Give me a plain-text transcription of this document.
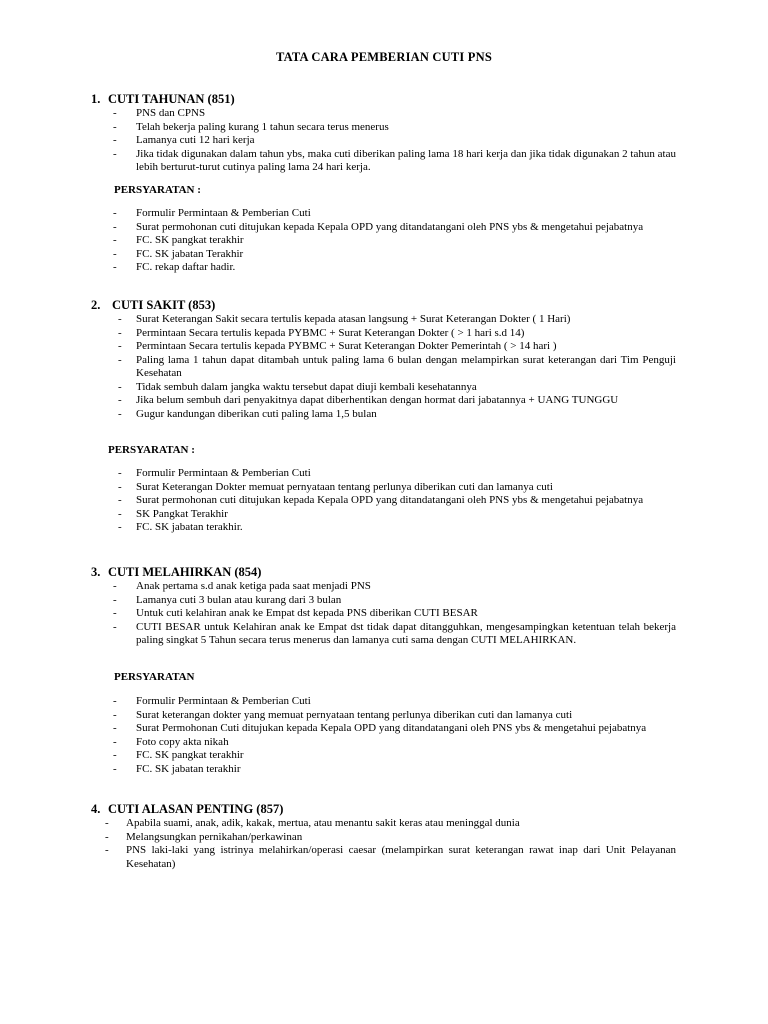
TATA CARA PEMBERIAN CUTI PNS
1. CUTI TAHUNAN (851)
- PNS dan CPNS
- Telah bekerja paling kurang 1 tahun secara terus menerus
- Lamanya cuti 12 hari kerja
- Jika tidak digunakan dalam tahun ybs, maka cuti diberikan paling lama 18 hari kerja dan jika tidak digunakan 2 tahun atau lebih berturut-turut cutinya paling lama 24 hari kerja.
PERSYARATAN :
- Formulir Permintaan & Pemberian Cuti
- Surat permohonan cuti ditujukan kepada Kepala OPD yang ditandatangani oleh PNS ybs & mengetahui pejabatnya
- FC. SK pangkat terakhir
- FC. SK jabatan Terakhir
- FC. rekap daftar hadir.
2. CUTI SAKIT (853)
- Surat Keterangan Sakit secara tertulis kepada atasan langsung + Surat Keterangan Dokter ( 1 Hari)
- Permintaan Secara tertulis kepada PYBMC + Surat Keterangan Dokter ( > 1 hari s.d 14)
- Permintaan Secara tertulis kepada PYBMC + Surat Keterangan Dokter Pemerintah ( > 14 hari )
- Paling lama 1 tahun dapat ditambah untuk paling lama 6 bulan dengan melampirkan surat keterangan dari Tim Penguji Kesehatan
- Tidak sembuh dalam jangka waktu tersebut dapat diuji kembali kesehatannya
- Jika belum sembuh dari penyakitnya dapat diberhentikan dengan hormat dari jabatannya + UANG TUNGGU
- Gugur kandungan diberikan cuti paling lama 1,5 bulan
PERSYARATAN :
- Formulir Permintaan & Pemberian Cuti
- Surat Keterangan Dokter memuat pernyataan tentang perlunya diberikan cuti dan lamanya cuti
- Surat permohonan cuti ditujukan kepada Kepala OPD yang ditandatangani oleh PNS ybs & mengetahui pejabatnya
- SK Pangkat Terakhir
- FC. SK jabatan terakhir.
3. CUTI MELAHIRKAN (854)
- Anak pertama s.d anak ketiga pada saat menjadi PNS
- Lamanya cuti 3 bulan atau kurang dari 3 bulan
- Untuk cuti kelahiran anak ke Empat dst kepada PNS diberikan CUTI BESAR
- CUTI BESAR untuk Kelahiran anak ke Empat dst tidak dapat ditangguhkan, mengesampingkan ketentuan telah bekerja paling singkat 5 Tahun secara terus menerus dan lamanya cuti sama dengan CUTI MELAHIRKAN.
PERSYARATAN
- Formulir Permintaan & Pemberian Cuti
- Surat keterangan dokter yang memuat pernyataan tentang perlunya diberikan cuti dan lamanya cuti
- Surat Permohonan Cuti ditujukan kepada Kepala OPD yang ditandatangani oleh PNS ybs & mengetahui pejabatnya
- Foto copy akta nikah
- FC. SK pangkat terakhir
- FC. SK jabatan terakhir
4. CUTI ALASAN PENTING (857)
- Apabila suami, anak, adik, kakak, mertua, atau menantu sakit keras atau meninggal dunia
- Melangsungkan pernikahan/perkawinan
- PNS laki-laki yang istrinya melahirkan/operasi caesar (melampirkan surat keterangan rawat inap dari Unit Pelayanan Kesehatan)
